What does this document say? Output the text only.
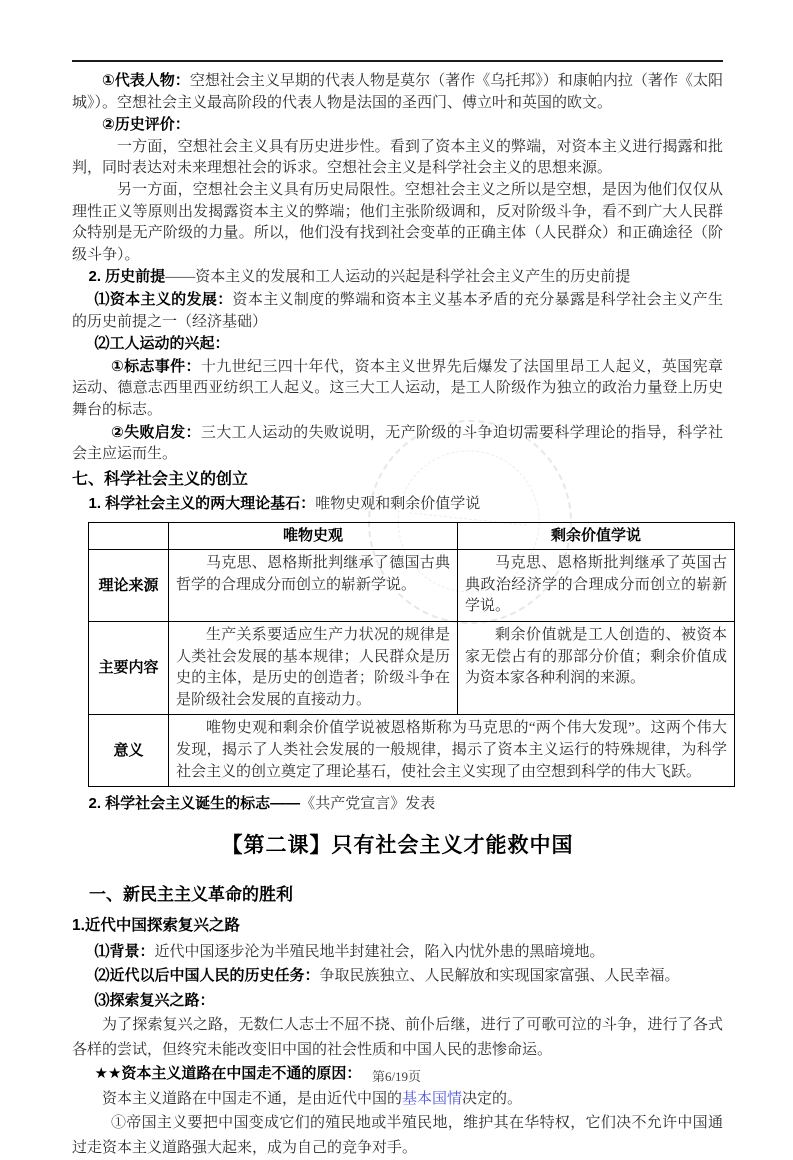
①代表人物：空想社会主义早期的代表人物是莫尔（著作《乌托邦》）和康帕内拉（著作《太阳城》）。空想社会主义最高阶段的代表人物是法国的圣西门、傅立叶和英国的欧文。

②历史评价：

一方面，空想社会主义具有历史进步性。看到了资本主义的弊端，对资本主义进行揭露和批判，同时表达对未来理想社会的诉求。空想社会主义是科学社会主义的思想来源。

另一方面，空想社会主义具有历史局限性。空想社会主义之所以是空想，是因为他们仅仅从理性正义等原则出发揭露资本主义的弊端；他们主张阶级调和，反对阶级斗争，看不到广大人民群众特别是无产阶级的力量。所以，他们没有找到社会变革的正确主体（人民群众）和正确途径（阶级斗争）。

2. 历史前提——资本主义的发展和工人运动的兴起是科学社会主义产生的历史前提

⑴资本主义的发展：资本主义制度的弊端和资本主义基本矛盾的充分暴露是科学社会主义产生的历史前提之一（经济基础）

⑵工人运动的兴起：

①标志事件：十九世纪三四十年代，资本主义世界先后爆发了法国里昂工人起义，英国宪章运动、德意志西里西亚纺织工人起义。这三大工人运动，是工人阶级作为独立的政治力量登上历史舞台的标志。

②失败启发：三大工人运动的失败说明，无产阶级的斗争迫切需要科学理论的指导，科学社会主应运而生。

七、科学社会主义的创立

1. 科学社会主义的两大理论基石：唯物史观和剩余价值学说

	唯物史观	剩余价值学说
理论来源	马克思、恩格斯批判继承了德国古典哲学的合理成分而创立的崭新学说。	马克思、恩格斯批判继承了英国古典政治经济学的合理成分而创立的崭新学说。
主要内容	生产关系要适应生产力状况的规律是人类社会发展的基本规律；人民群众是历史的主体，是历史的创造者；阶级斗争在是阶级社会发展的直接动力。	剩余价值就是工人创造的、被资本家无偿占有的那部分价值；剩余价值成为资本家各种利润的来源。
意义	唯物史观和剩余价值学说被恩格斯称为马克思的“两个伟大发现”。这两个伟大发现，揭示了人类社会发展的一般规律，揭示了资本主义运行的特殊规律，为科学社会主义的创立奠定了理论基石，使社会主义实现了由空想到科学的伟大飞跃。	

2. 科学社会主义诞生的标志——《共产党宣言》发表

【第二课】只有社会主义才能救中国
一、新民主主义革命的胜利
1.近代中国探索复兴之路

⑴背景：近代中国逐步沦为半殖民地半封建社会，陷入内忧外患的黑暗境地。

⑵近代以后中国人民的历史任务：争取民族独立、人民解放和实现国家富强、人民幸福。

⑶探索复兴之路：

为了探索复兴之路，无数仁人志士不屈不挠、前仆后继，进行了可歌可泣的斗争，进行了各式各样的尝试，但终究未能改变旧中国的社会性质和中国人民的悲惨命运。

★★资本主义道路在中国走不通的原因：

资本主义道路在中国走不通，是由近代中国的基本国情决定的。

①帝国主义要把中国变成它们的殖民地或半殖民地，维护其在华特权，它们决不允许中国通过走资本主义道路强大起来，成为自己的竞争对手。

第6/19页
